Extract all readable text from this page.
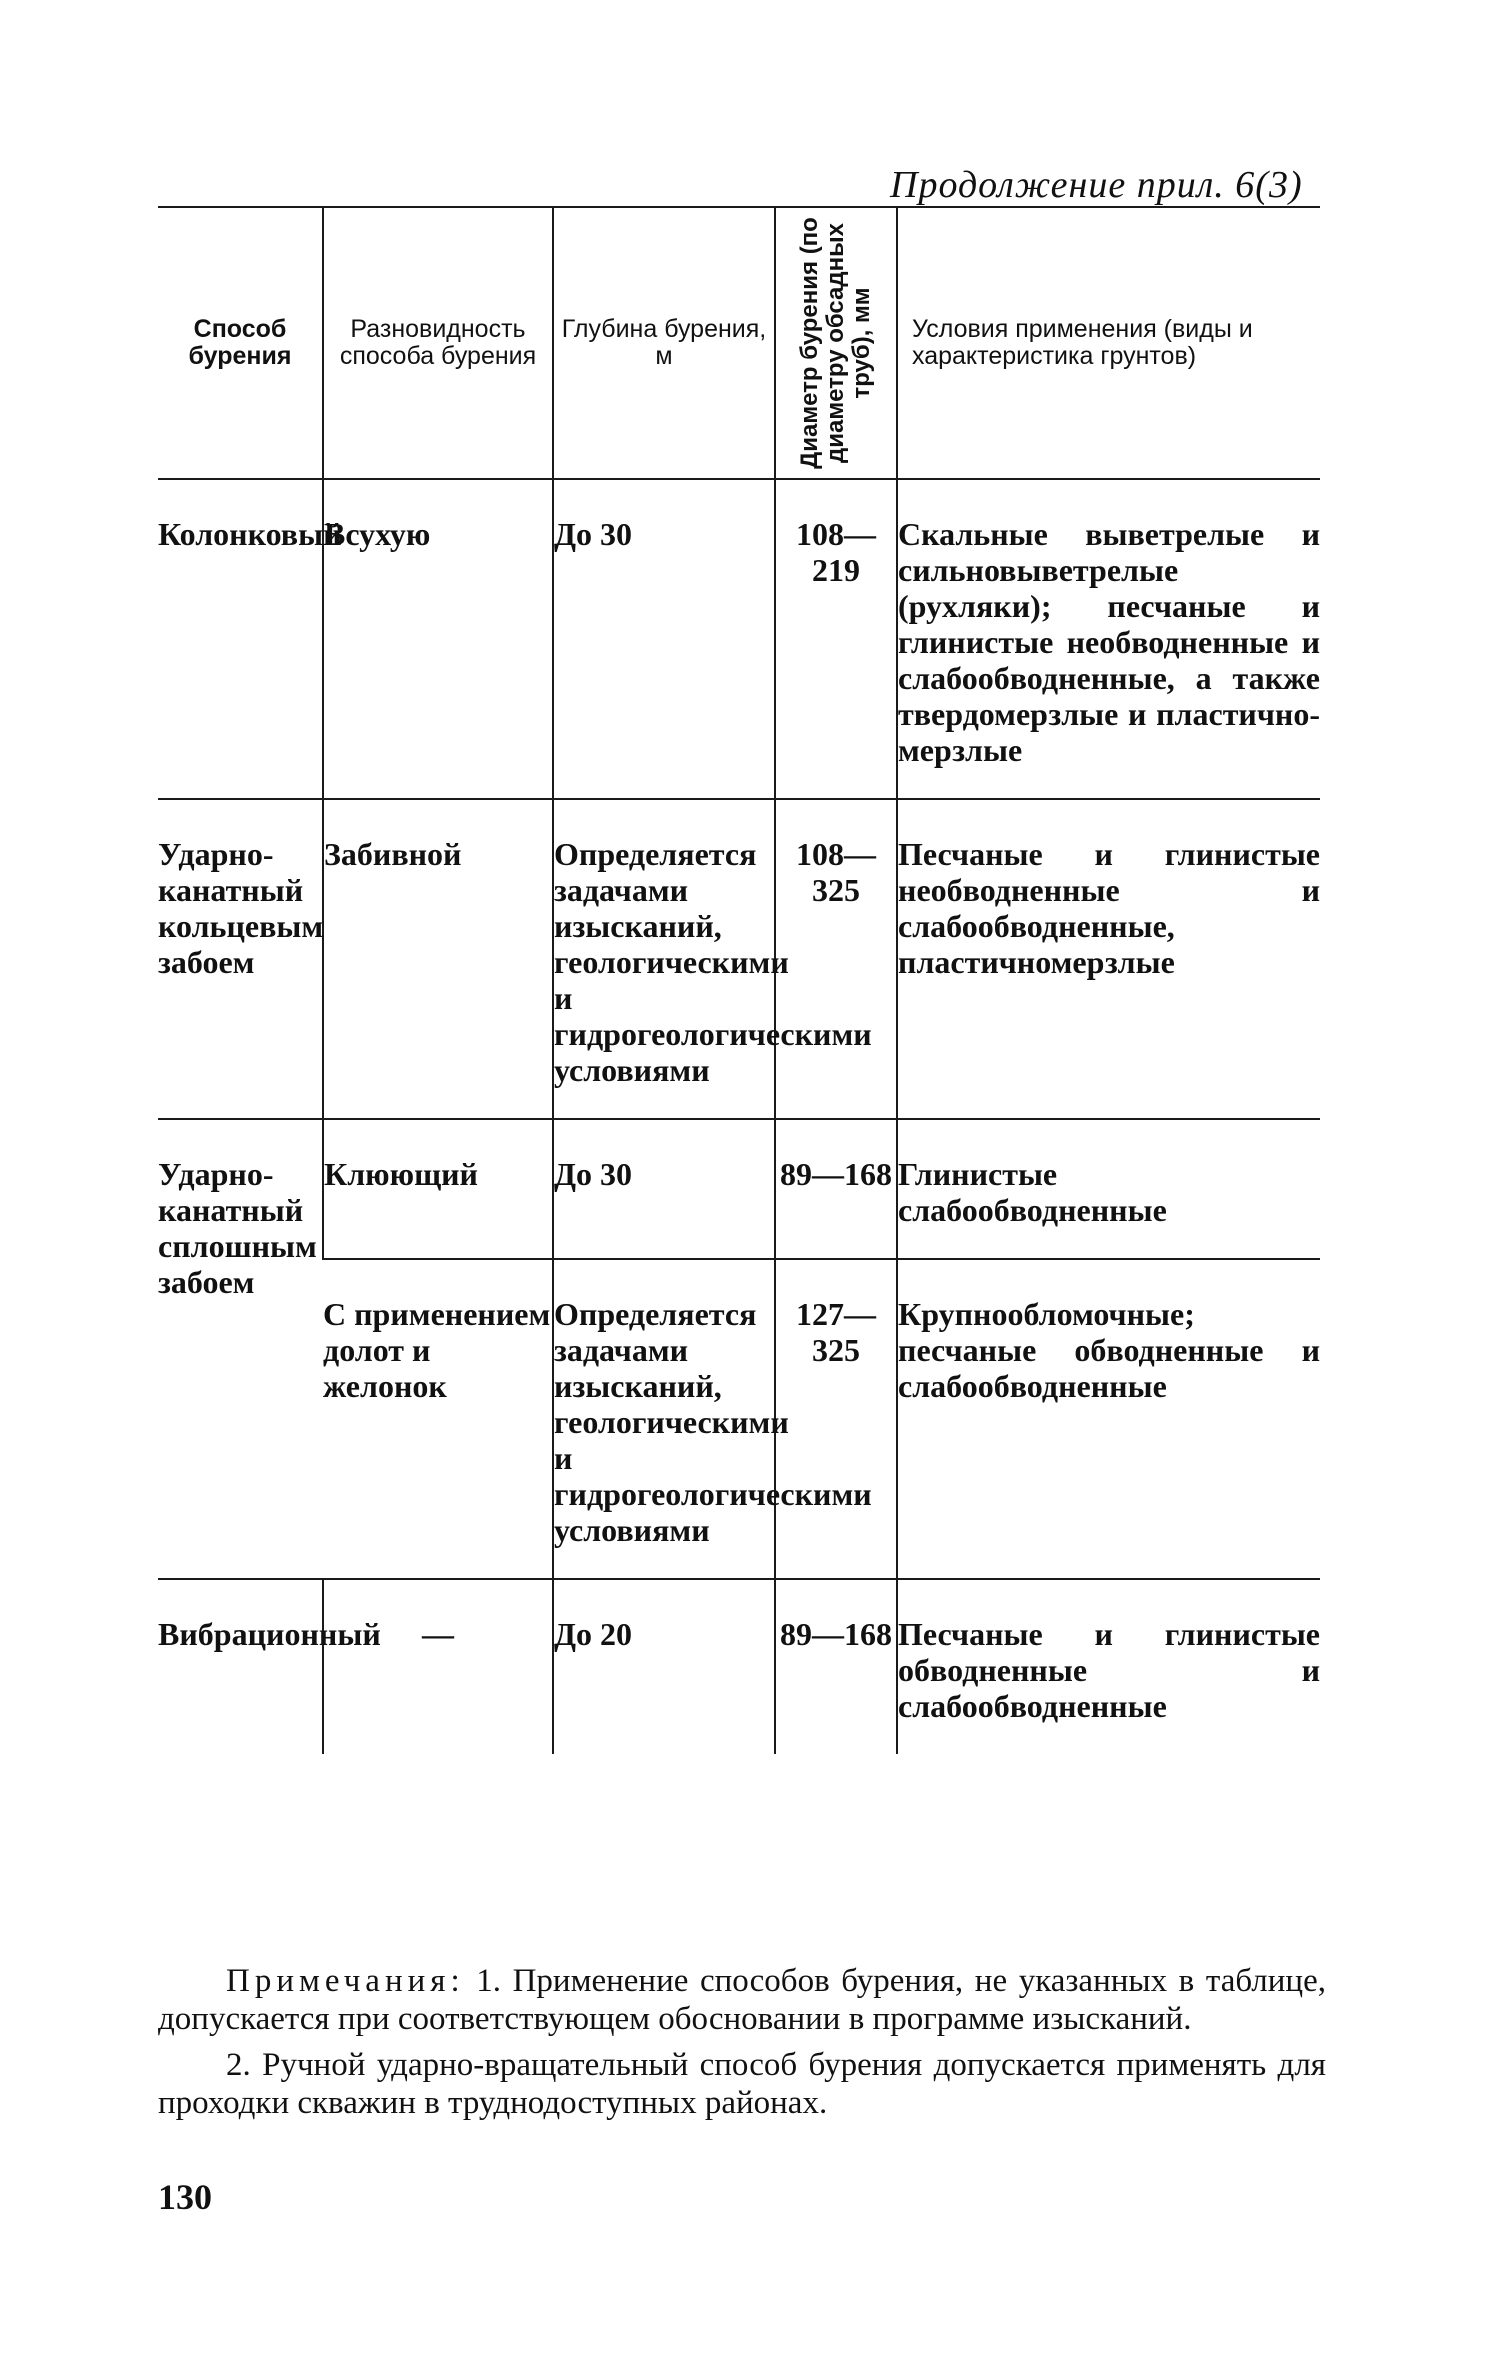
Продолжение прил. 6(3)
Способ бурения	Разновидность способа бурения	Глубина бурения, м	Диаметр бурения (по диаметру обсадных труб), мм	Условия применения (виды и характеристика грунтов)
Колонковый	Всухую	До 30	108—219	Скальные выветрелые и сильновыветрелые (рухляки); песчаные и глинистые необводненные и слабообводненные, а также твердомерзлые и пластично-мерзлые
Ударно-канатный кольцевым забоем	Забивной	Определяется задачами изысканий, геологическими и гидрогеологическими условиями	108—325	Песчаные и глинистые необводненные и слабообводненные, пластичномерзлые
Ударно-канатный сплошным забоем	Клюющий	До 30	89—168	Глинистые слабообводненные
	С применением долот и желонок	Определяется задачами изысканий, геологическими и гидрогеологическими условиями	127—325	Крупнообломочные; песчаные обводненные и слабообводненные
Вибрационный	—	До 20	89—168	Песчаные и глинистые обводненные и слабообводненные

Примечания: 1. Применение способов бурения, не указанных в таблице, допускается при соответствующем обосновании в программе изысканий.

2. Ручной ударно-вращательный способ бурения допускается применять для проходки скважин в труднодоступных районах.

130
